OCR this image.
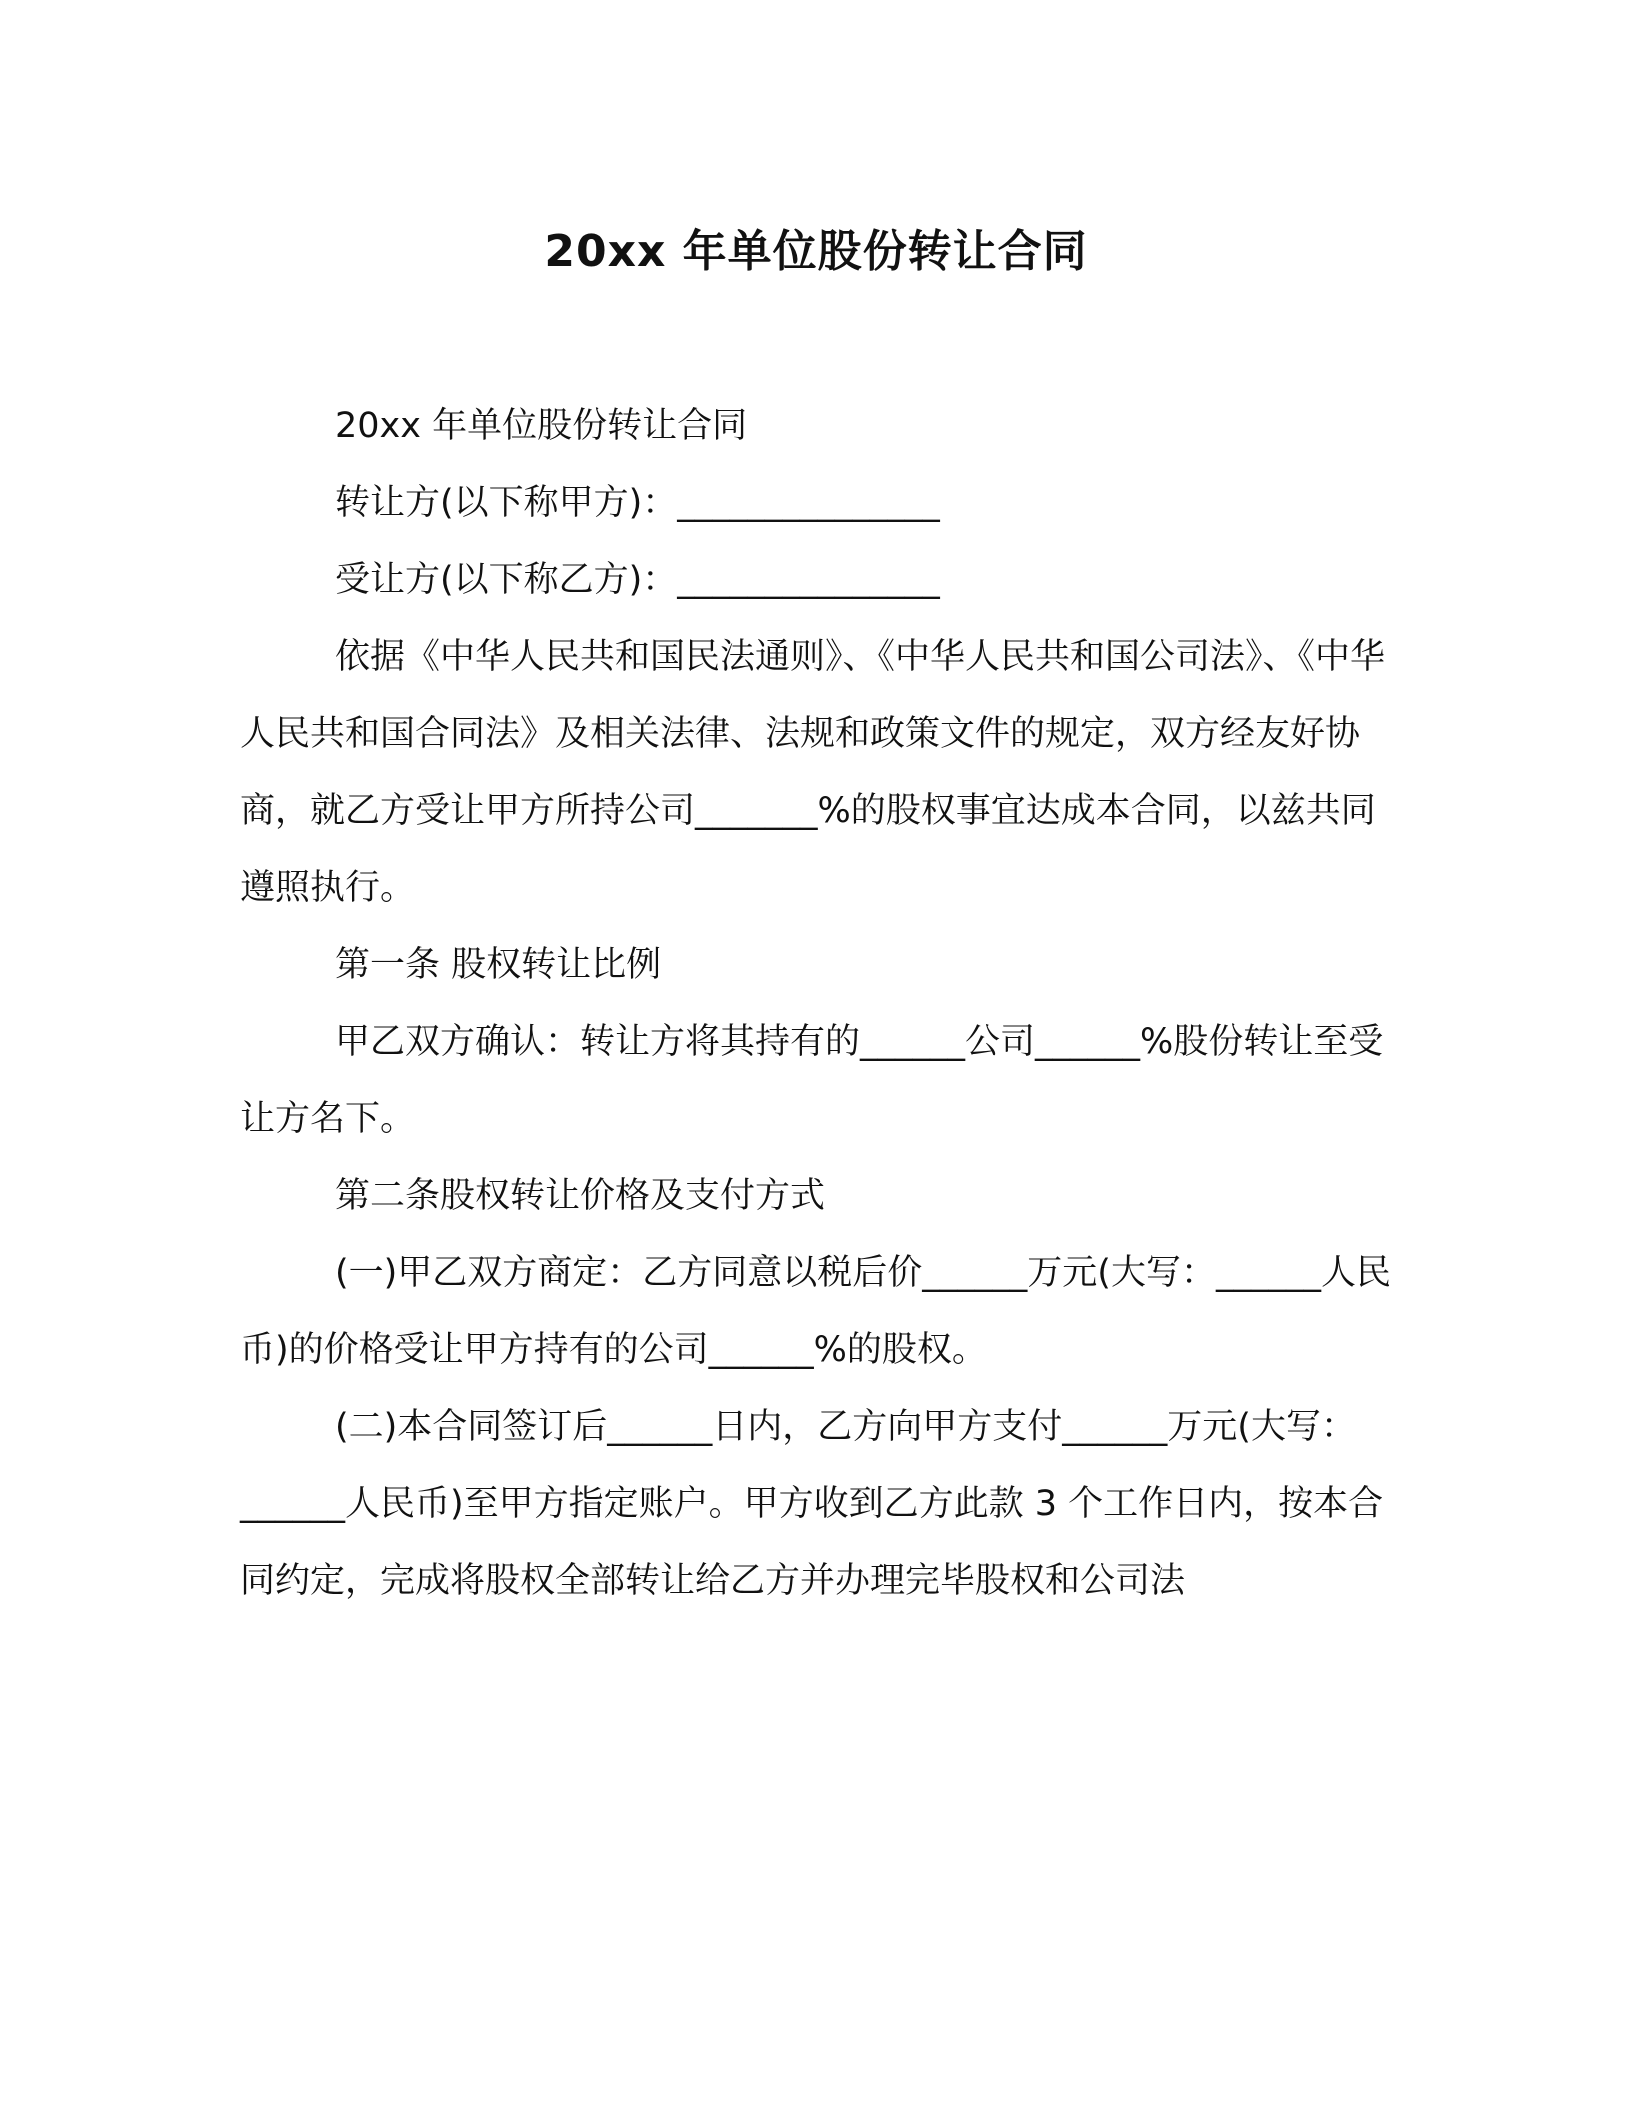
20xx 年单位股份转让合同

20xx 年单位股份转让合同

转让方(以下称甲方)：_______________

受让方(以下称乙方)：_______________

依据《中华人民共和国民法通则》、《中华人民共和国公司法》、《中华人民共和国合同法》及相关法律、法规和政策文件的规定，双方经友好协商，就乙方受让甲方所持公司_______%的股权事宜达成本合同，以兹共同遵照执行。

第一条 股权转让比例

甲乙双方确认：转让方将其持有的______公司______%股份转让至受让方名下。

第二条股权转让价格及支付方式

(一)甲乙双方商定：乙方同意以税后价______万元(大写：______人民币)的价格受让甲方持有的公司______%的股权。

(二)本合同签订后______日内，乙方向甲方支付______万元(大写：______人民币)至甲方指定账户。甲方收到乙方此款 3 个工作日内，按本合同约定，完成将股权全部转让给乙方并办理完毕股权和公司法
